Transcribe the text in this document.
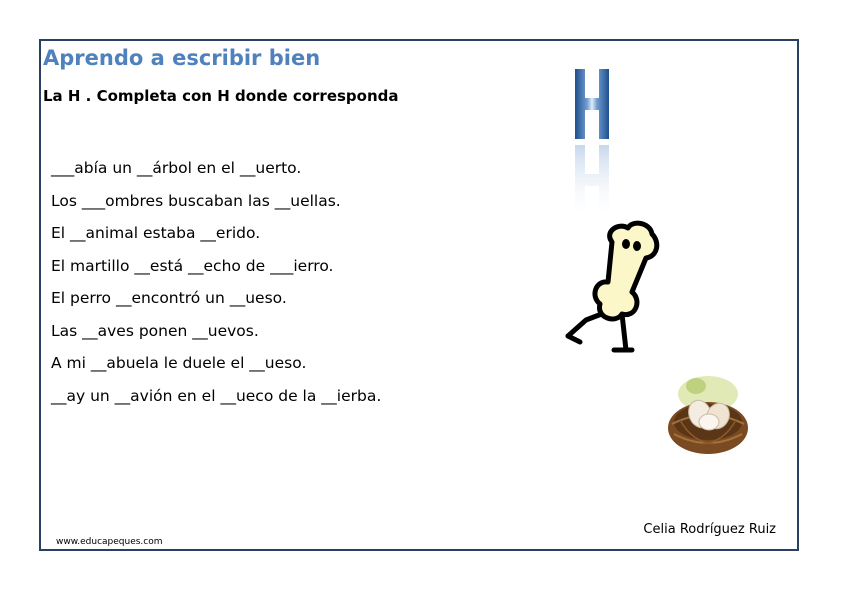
Aprendo a escribir bien
La H . Completa con H donde corresponda
___abía un __árbol en el __uerto.
Los ___ombres buscaban las __uellas.
El __animal estaba __erido.
El martillo __está __echo de ___ierro.
El perro __encontró un __ueso.
Las __aves ponen __uevos.
A mi __abuela le duele el __ueso.
__ay un __avión en el __ueco de la __ierba.

Celia Rodríguez Ruiz

www.educapeques.com
